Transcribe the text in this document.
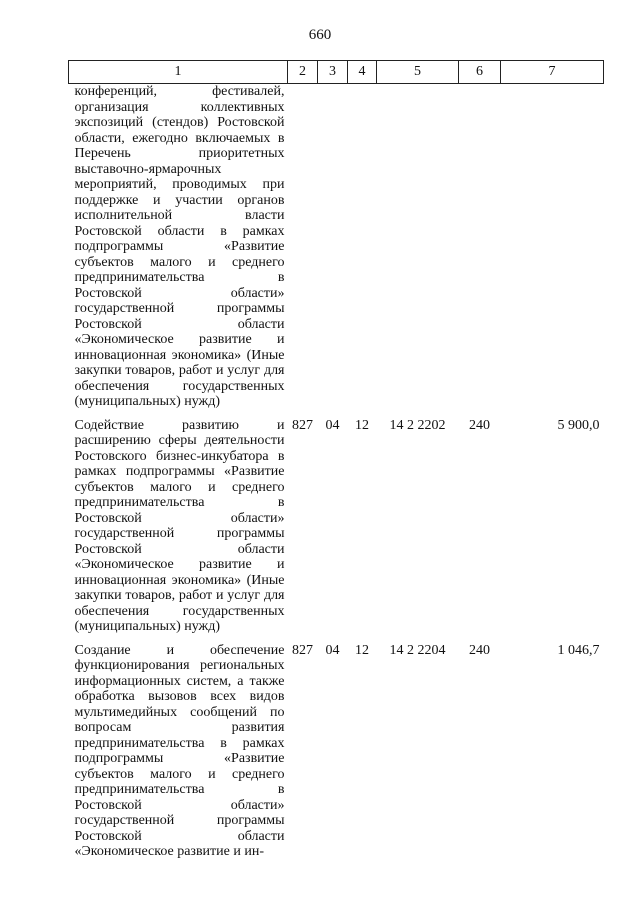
660
1	2	3	4	5	6	7
конференций, фестивалей, организация коллективных экспозиций (стендов) Ростовской области, ежегодно включаемых в Перечень приоритетных выставочно-ярмарочных мероприятий, проводимых при поддержке и участии органов исполнительной власти Ростовской области в рамках подпрограммы «Развитие субъектов малого и среднего предпринимательства в Ростовской области» государственной программы Ростовской области «Экономическое развитие и инновационная экономика» (Иные закупки товаров, работ и услуг для обеспечения государственных (муниципальных) нужд)						
Содействие развитию и расширению сферы деятельности Ростовского бизнес-инкубатора в рамках подпрограммы «Развитие субъектов малого и среднего предпринимательства в Ростовской области» государственной программы Ростовской области «Экономическое развитие и инновационная экономика» (Иные закупки товаров, работ и услуг для обеспечения государственных (муниципальных) нужд)	827	04	12	14 2 2202	240	5 900,0
Создание и обеспечение функционирования региональных информационных систем, а также обработка вызовов всех видов мультимедийных сообщений по вопросам развития предпринимательства в рамках подпрограммы «Развитие субъектов малого и среднего предпринимательства в Ростовской области» государственной программы Ростовской области «Экономическое развитие и ин-	827	04	12	14 2 2204	240	1 046,7
